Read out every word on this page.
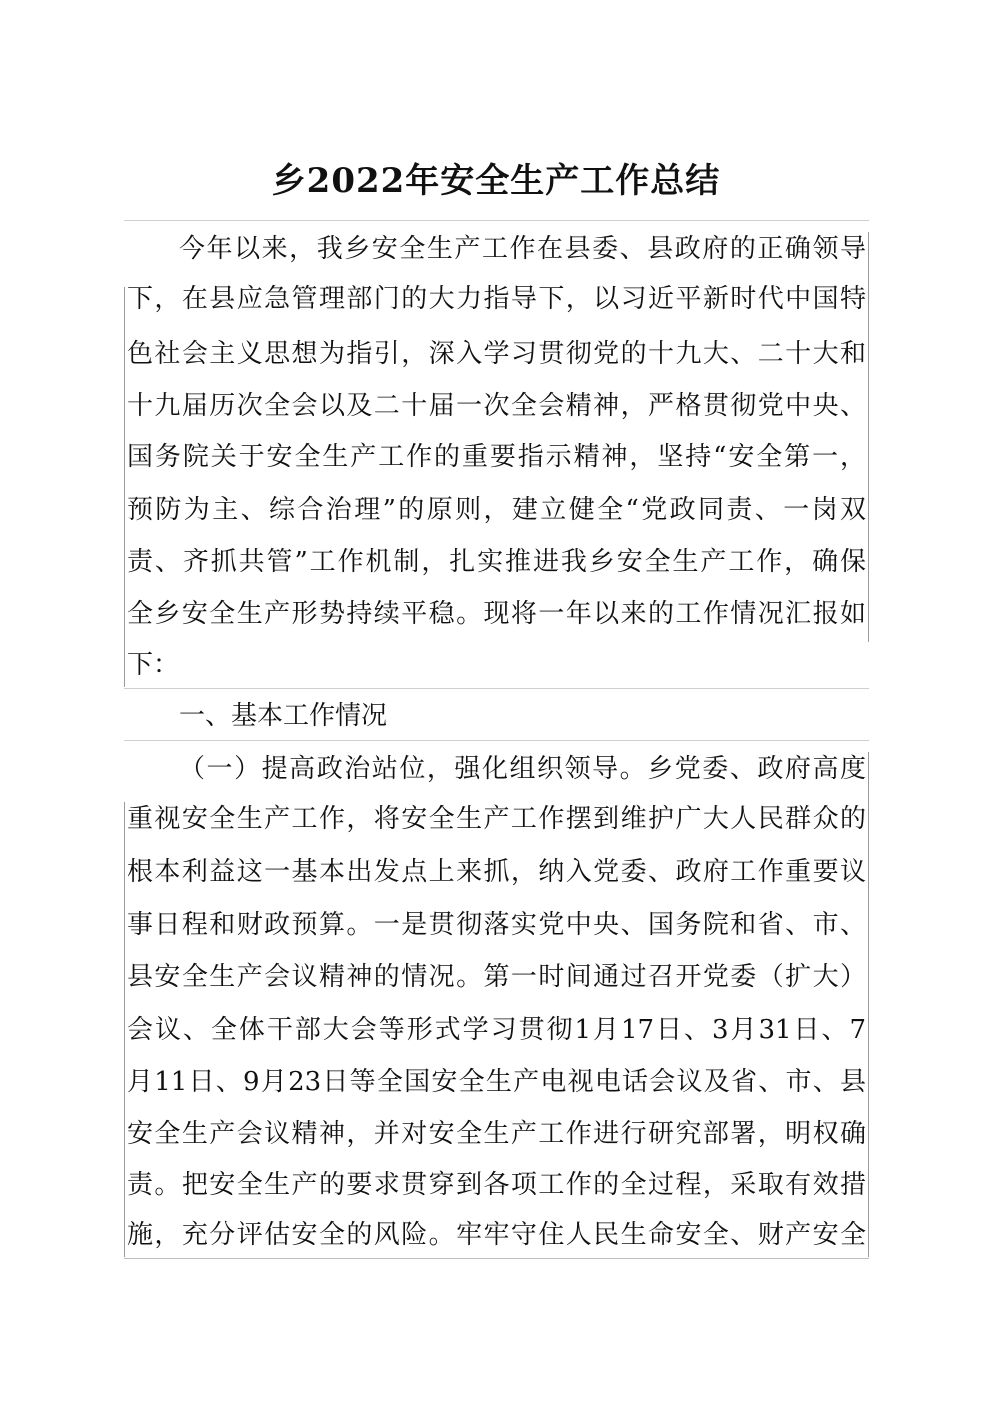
乡2022年安全生产工作总结
今年以来，我乡安全生产工作在县委、县政府的正确领导
下，在县应急管理部门的大力指导下，以习近平新时代中国特
色社会主义思想为指引，深入学习贯彻党的十九大、二十大和
十九届历次全会以及二十届一次全会精神，严格贯彻党中央、
国务院关于安全生产工作的重要指示精神，坚持“安全第一，
预防为主、综合治理”的原则，建立健全“党政同责、一岗双
责、齐抓共管”工作机制，扎实推进我乡安全生产工作，确保
全乡安全生产形势持续平稳。现将一年以来的工作情况汇报如
下：
一、基本工作情况
（一）提高政治站位，强化组织领导。乡党委、政府高度
重视安全生产工作，将安全生产工作摆到维护广大人民群众的
根本利益这一基本出发点上来抓，纳入党委、政府工作重要议
事日程和财政预算。一是贯彻落实党中央、国务院和省、市、
县安全生产会议精神的情况。第一时间通过召开党委（扩大）
会议、全体干部大会等形式学习贯彻1月17日、3月31日、7
月11日、9月23日等全国安全生产电视电话会议及省、市、县
安全生产会议精神，并对安全生产工作进行研究部署，明权确
责。把安全生产的要求贯穿到各项工作的全过程，采取有效措
施，充分评估安全的风险。牢牢守住人民生命安全、财产安全
